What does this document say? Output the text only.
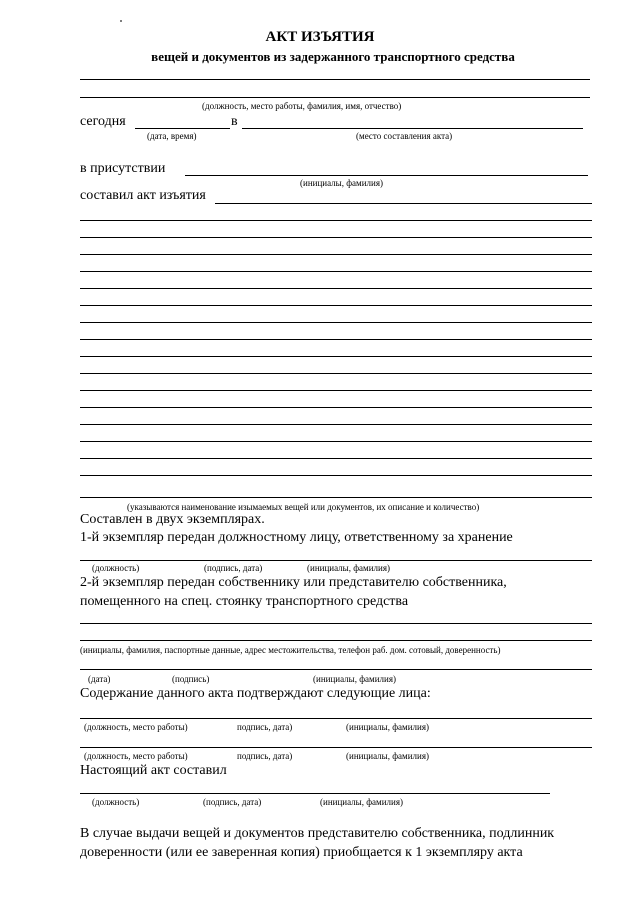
АКТ ИЗЪЯТИЯ
вещей и документов из задержанного транспортного средства
(должность, место работы, фамилия, имя, отчество)
сегодня	в
(дата, время)	(место составления акта)
в присутствии
(инициалы, фамилия)
составил акт изъятия
(указываются наименование изымаемых вещей или документов, их описание и количество)
Составлен в двух экземплярах.
1-й экземпляр передан должностному лицу, ответственному за хранение
(должность)	(подпись, дата)	(инициалы, фамилия)
2-й экземпляр передан собственнику или представителю собственника,
помещенного на спец. стоянку транспортного средства
(инициалы, фамилия, паспортные данные, адрес местожительства, телефон раб. дом. сотовый, доверенность)
(дата)	(подпись)	(инициалы, фамилия)
Содержание данного акта подтверждают следующие лица:
(должность, место работы)	подпись, дата)	(инициалы, фамилия)
(должность, место работы)	подпись, дата)	(инициалы, фамилия)
Настоящий акт составил
(должность)	(подпись, дата)	(инициалы, фамилия)
В случае выдачи вещей и документов представителю собственника, подлинник
доверенности (или ее заверенная копия) приобщается к 1 экземпляру акта
